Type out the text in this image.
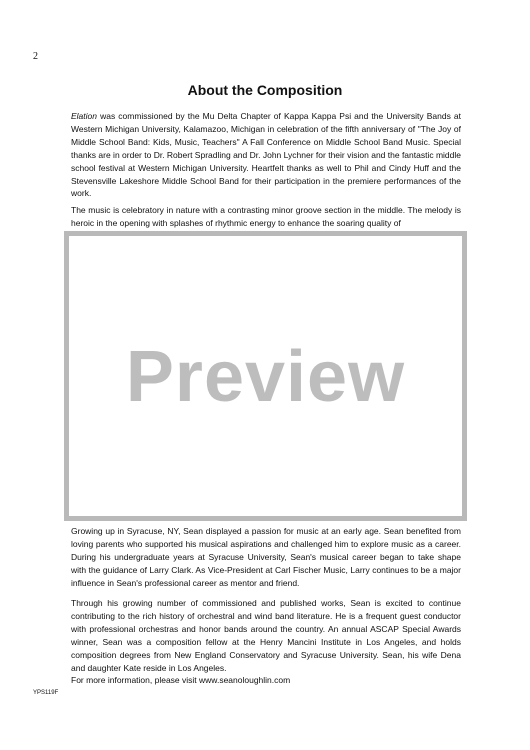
2
About the Composition

Elation was commissioned by the Mu Delta Chapter of Kappa Kappa Psi and the University Bands at Western Michigan University, Kalamazoo, Michigan in celebration of the fifth anniversary of "The Joy of Middle School Band: Kids, Music, Teachers" A Fall Conference on Middle School Band Music. Special thanks are in order to Dr. Robert Spradling and Dr. John Lychner for their vision and the fantastic middle school festival at Western Michigan University. Heartfelt thanks as well to Phil and Cindy Huff and the Stevensville Lakeshore Middle School Band for their participation in the premiere performances of the work.

The music is celebratory in nature with a contrasting minor groove section in the middle. The melody is heroic in the opening with splashes of rhythmic energy to enhance the soaring quality of

Preview

Growing up in Syracuse, NY, Sean displayed a passion for music at an early age. Sean benefited from loving parents who supported his musical aspirations and challenged him to explore music as a career. During his undergraduate years at Syracuse University, Sean's musical career began to take shape with the guidance of Larry Clark. As Vice-President at Carl Fischer Music, Larry continues to be a major influence in Sean's professional career as mentor and friend.

Through his growing number of commissioned and published works, Sean is excited to continue contributing to the rich history of orchestral and wind band literature. He is a frequent guest conductor with professional orchestras and honor bands around the country. An annual ASCAP Special Awards winner, Sean was a composition fellow at the Henry Mancini Institute in Los Angeles, and holds composition degrees from New England Conservatory and Syracuse University. Sean, his wife Dena and daughter Kate reside in Los Angeles.
For more information, please visit www.seanoloughlin.com
YPS119F
